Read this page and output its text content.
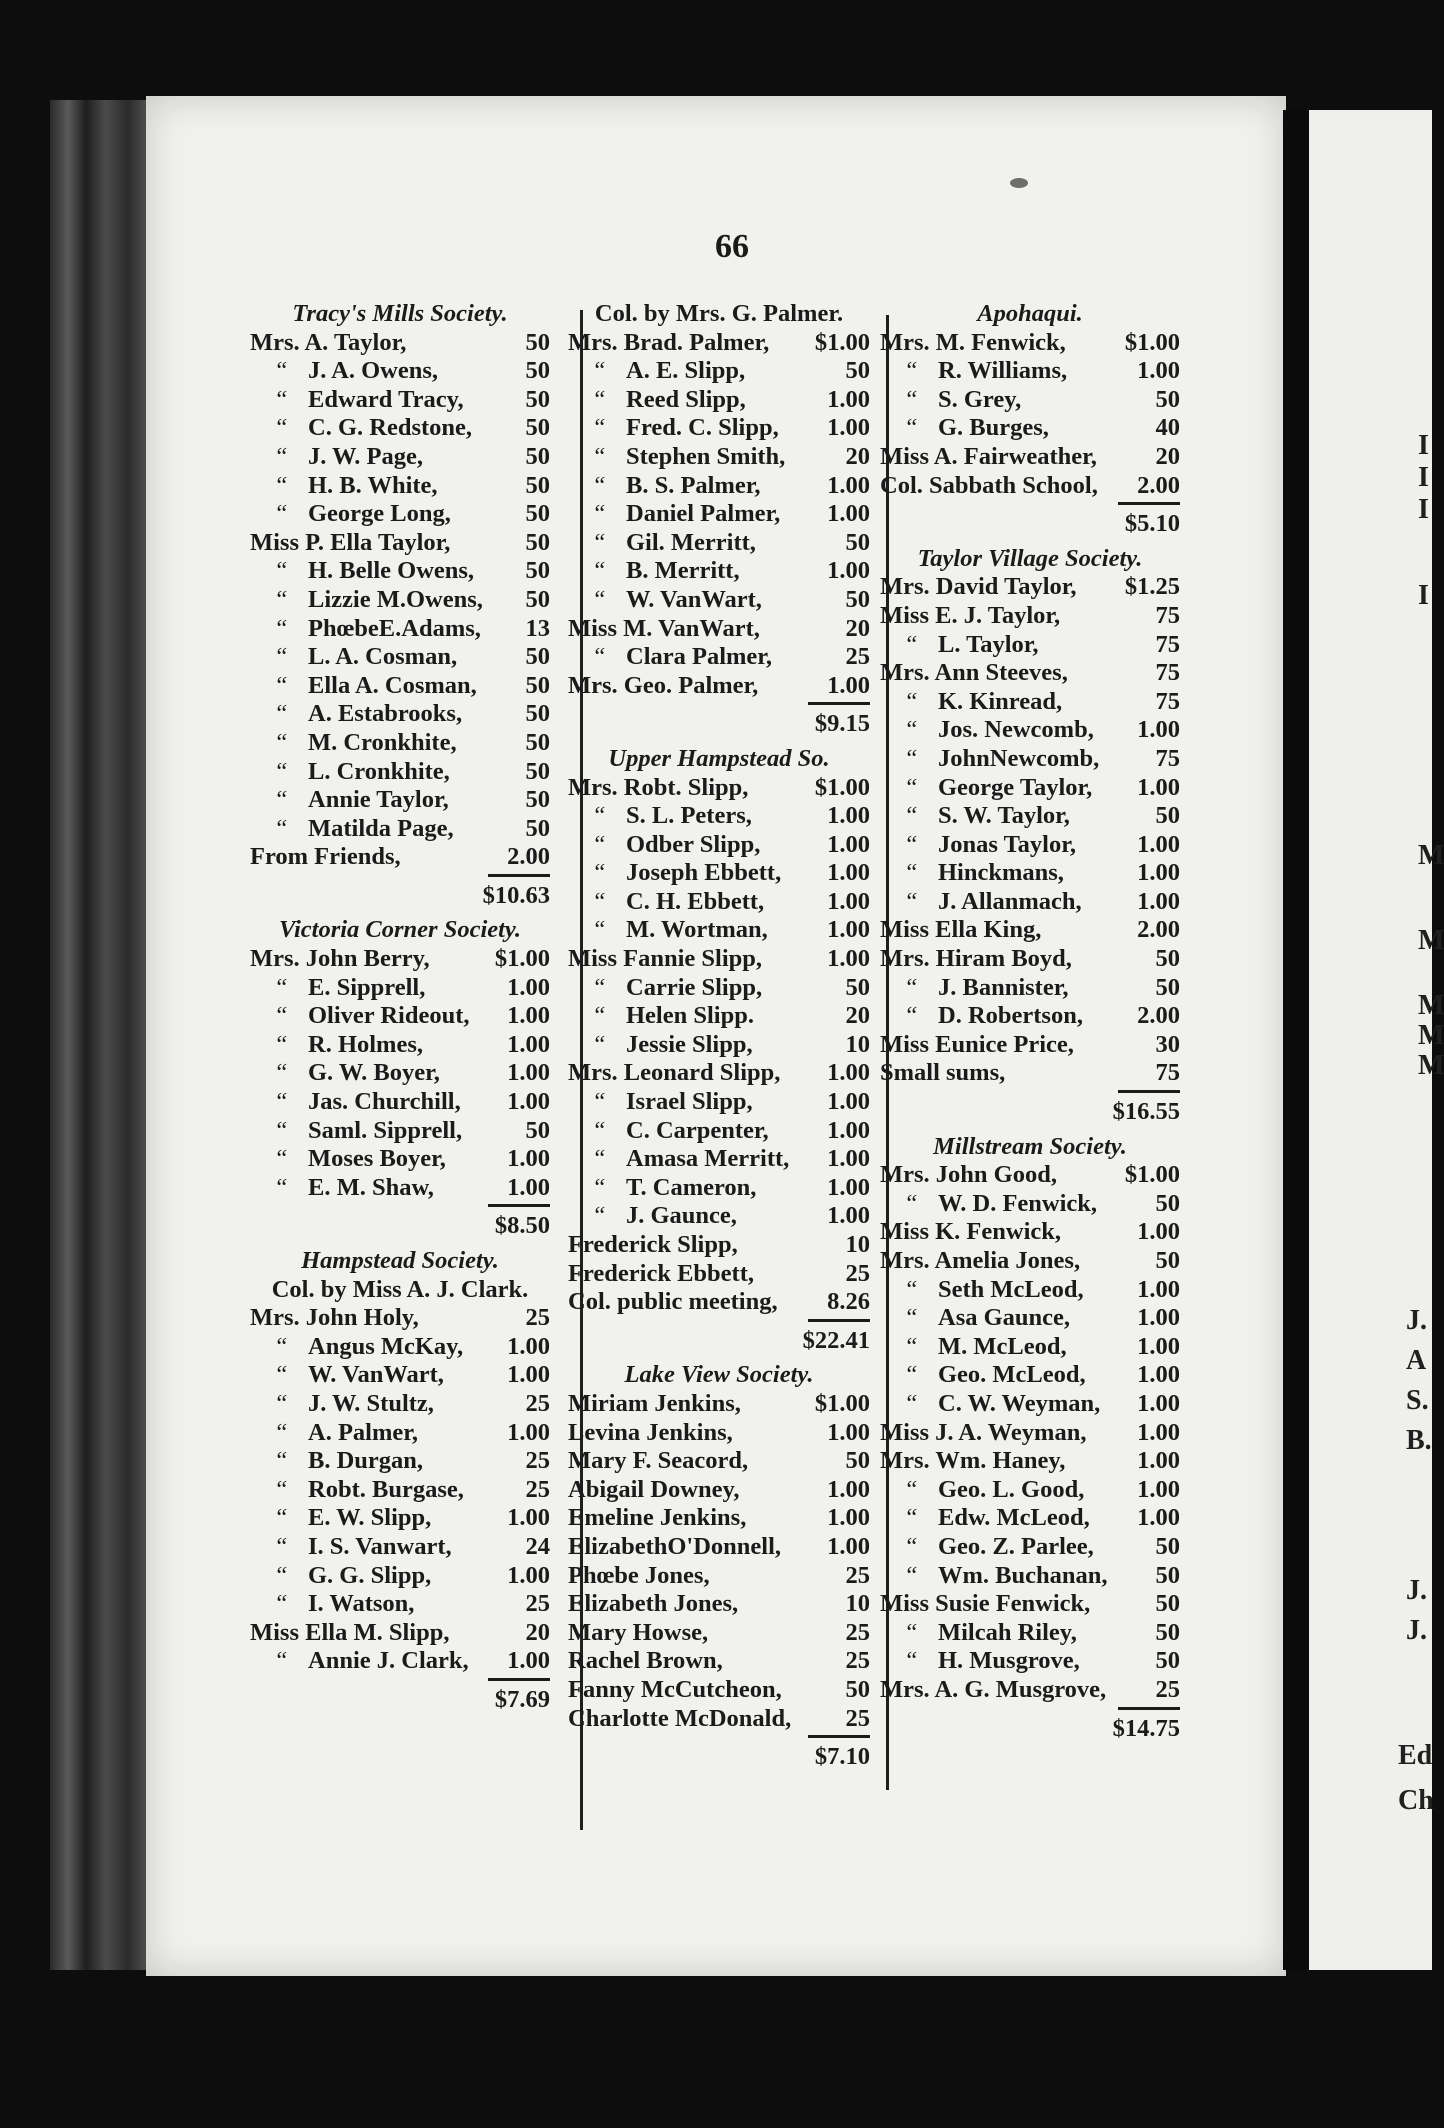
I
I
I
I
M
M
M
M
M
J.
A
S.
B.
J.
J.
Ed
Ch
66
Tracy's Mills Society.
Mrs. A. Taylor,	50
“ J. A. Owens,	50
“ Edward Tracy,	50
“ C. G. Redstone,	50
“ J. W. Page,	50
“ H. B. White,	50
“ George Long,	50
Miss P. Ella Taylor,	50
“ H. Belle Owens,	50
“ Lizzie M.Owens,	50
“ PhœbeE.Adams,	13
“ L. A. Cosman,	50
“ Ella A. Cosman,	50
“ A. Estabrooks,	50
“ M. Cronkhite,	50
“ L. Cronkhite,	50
“ Annie Taylor,	50
“ Matilda Page,	50
From Friends,	2.00
$10.63
Victoria Corner Society.
Mrs. John Berry,	$1.00
“ E. Sipprell,	1.00
“ Oliver Rideout,	1.00
“ R. Holmes,	1.00
“ G. W. Boyer,	1.00
“ Jas. Churchill,	1.00
“ Saml. Sipprell,	50
“ Moses Boyer,	1.00
“ E. M. Shaw,	1.00
$8.50
Hampstead Society.
Col. by Miss A. J. Clark.
Mrs. John Holy,	25
“ Angus McKay,	1.00
“ W. VanWart,	1.00
“ J. W. Stultz,	25
“ A. Palmer,	1.00
“ B. Durgan,	25
“ Robt. Burgase,	25
“ E. W. Slipp,	1.00
“ I. S. Vanwart,	24
“ G. G. Slipp,	1.00
“ I. Watson,	25
Miss Ella M. Slipp,	20
“ Annie J. Clark,	1.00
$7.69
Col. by Mrs. G. Palmer.
Mrs. Brad. Palmer,	$1.00
“ A. E. Slipp,	50
“ Reed Slipp,	1.00
“ Fred. C. Slipp,	1.00
“ Stephen Smith,	20
“ B. S. Palmer,	1.00
“ Daniel Palmer,	1.00
“ Gil. Merritt,	50
“ B. Merritt,	1.00
“ W. VanWart,	50
Miss M. VanWart,	20
“ Clara Palmer,	25
Mrs. Geo. Palmer,	1.00
$9.15
Upper Hampstead So.
Mrs. Robt. Slipp,	$1.00
“ S. L. Peters,	1.00
“ Odber Slipp,	1.00
“ Joseph Ebbett,	1.00
“ C. H. Ebbett,	1.00
“ M. Wortman,	1.00
Miss Fannie Slipp,	1.00
“ Carrie Slipp,	50
“ Helen Slipp.	20
“ Jessie Slipp,	10
Mrs. Leonard Slipp,	1.00
“ Israel Slipp,	1.00
“ C. Carpenter,	1.00
“ Amasa Merritt,	1.00
“ T. Cameron,	1.00
“ J. Gaunce,	1.00
Frederick Slipp,	10
Frederick Ebbett,	25
Col. public meeting,	8.26
$22.41
Lake View Society.
Miriam Jenkins,	$1.00
Levina Jenkins,	1.00
Mary F. Seacord,	50
Abigail Downey,	1.00
Emeline Jenkins,	1.00
ElizabethO'Donnell,	1.00
Phœbe Jones,	25
Elizabeth Jones,	10
Mary Howse,	25
Rachel Brown,	25
Fanny McCutcheon,	50
Charlotte McDonald,	25
$7.10
Apohaqui.
Mrs. M. Fenwick,	$1.00
“ R. Williams,	1.00
“ S. Grey,	50
“ G. Burges,	40
Miss A. Fairweather,	20
Col. Sabbath School,	2.00
$5.10
Taylor Village Society.
Mrs. David Taylor,	$1.25
Miss E. J. Taylor,	75
“ L. Taylor,	75
Mrs. Ann Steeves,	75
“ K. Kinread,	75
“ Jos. Newcomb,	1.00
“ JohnNewcomb,	75
“ George Taylor,	1.00
“ S. W. Taylor,	50
“ Jonas Taylor,	1.00
“ Hinckmans,	1.00
“ J. Allanmach,	1.00
Miss Ella King,	2.00
Mrs. Hiram Boyd,	50
“ J. Bannister,	50
“ D. Robertson,	2.00
Miss Eunice Price,	30
Small sums,	75
$16.55
Millstream Society.
Mrs. John Good,	$1.00
“ W. D. Fenwick,	50
Miss K. Fenwick,	1.00
Mrs. Amelia Jones,	50
“ Seth McLeod,	1.00
“ Asa Gaunce,	1.00
“ M. McLeod,	1.00
“ Geo. McLeod,	1.00
“ C. W. Weyman,	1.00
Miss J. A. Weyman,	1.00
Mrs. Wm. Haney,	1.00
“ Geo. L. Good,	1.00
“ Edw. McLeod,	1.00
“ Geo. Z. Parlee,	50
“ Wm. Buchanan,	50
Miss Susie Fenwick,	50
“ Milcah Riley,	50
“ H. Musgrove,	50
Mrs. A. G. Musgrove,	25
$14.75
